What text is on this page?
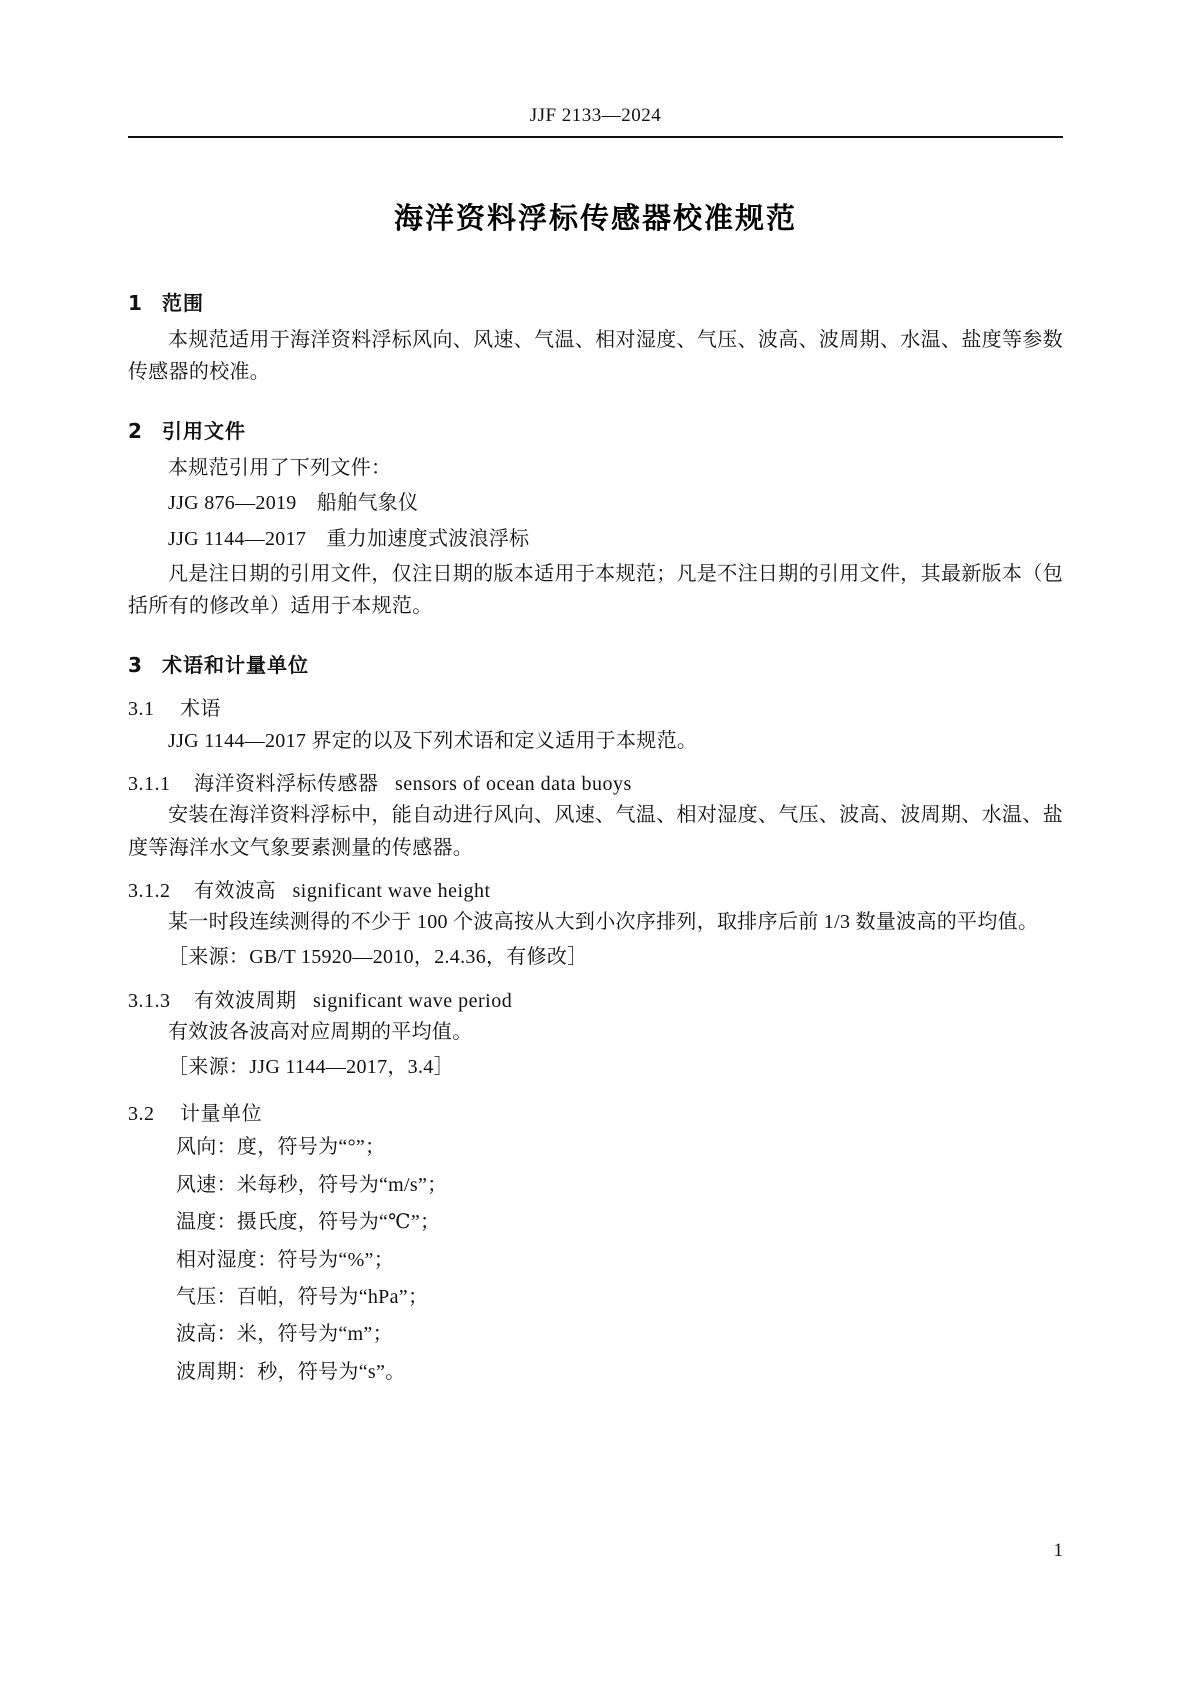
JJF 2133—2024
海洋资料浮标传感器校准规范
1 范围

本规范适用于海洋资料浮标风向、风速、气温、相对湿度、气压、波高、波周期、水温、盐度等参数传感器的校准。

2 引用文件

本规范引用了下列文件：

JJG 876—2019　船舶气象仪

JJG 1144—2017　重力加速度式波浪浮标

凡是注日期的引用文件，仅注日期的版本适用于本规范；凡是不注日期的引用文件，其最新版本（包括所有的修改单）适用于本规范。

3 术语和计量单位
3.1 术语

JJG 1144—2017 界定的以及下列术语和定义适用于本规范。

3.1.1 海洋资料浮标传感器 sensors of ocean data buoys

安装在海洋资料浮标中，能自动进行风向、风速、气温、相对湿度、气压、波高、波周期、水温、盐度等海洋水文气象要素测量的传感器。

3.1.2 有效波高 significant wave height

某一时段连续测得的不少于 100 个波高按从大到小次序排列，取排序后前 1/3 数量波高的平均值。

［来源：GB/T 15920—2010，2.4.36，有修改］

3.1.3 有效波周期 significant wave period

有效波各波高对应周期的平均值。

［来源：JJG 1144—2017，3.4］

3.2 计量单位

风向：度，符号为“°”；

风速：米每秒，符号为“m/s”；

温度：摄氏度，符号为“℃”；

相对湿度：符号为“%”；

气压：百帕，符号为“hPa”；

波高：米，符号为“m”；

波周期：秒，符号为“s”。

1
